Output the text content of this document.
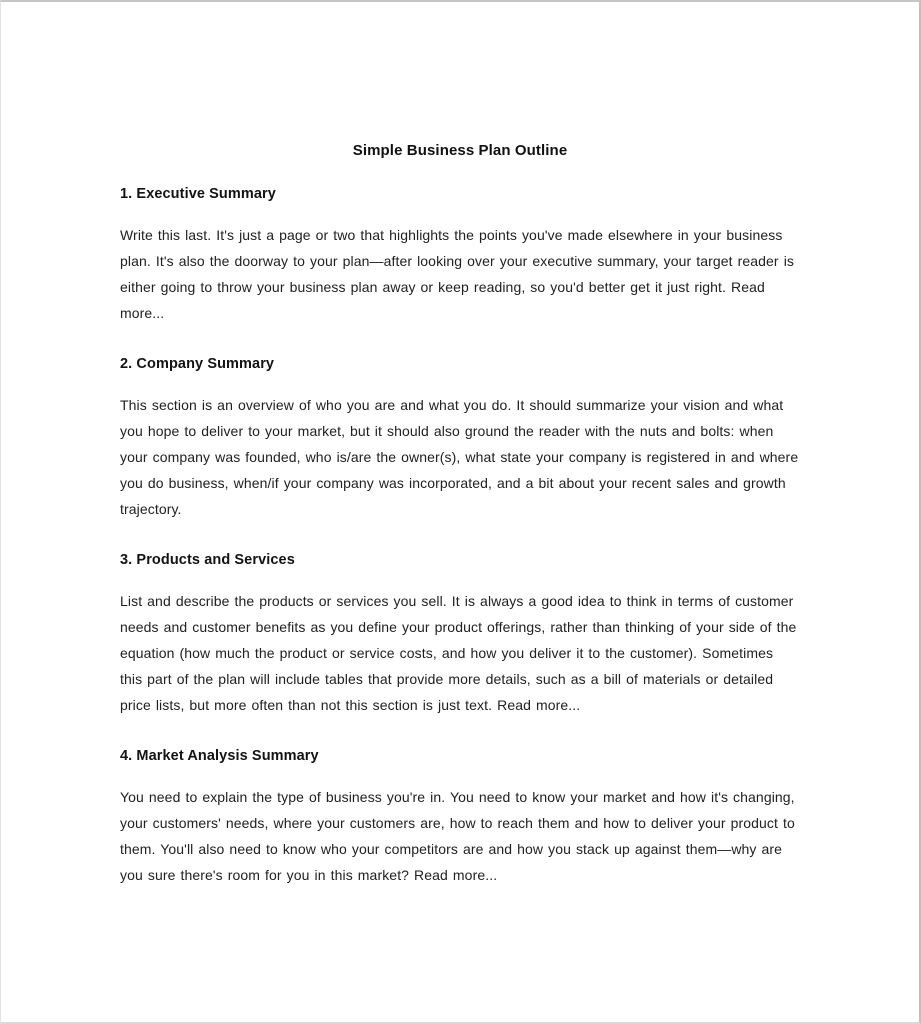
Simple Business Plan Outline
1. Executive Summary

Write this last. It's just a page or two that highlights the points you've made elsewhere in your business plan. It's also the doorway to your plan—after looking over your executive summary, your target reader is either going to throw your business plan away or keep reading, so you'd better get it just right. Read more...

2. Company Summary

This section is an overview of who you are and what you do. It should summarize your vision and what you hope to deliver to your market, but it should also ground the reader with the nuts and bolts: when your company was founded, who is/are the owner(s), what state your company is registered in and where you do business, when/if your company was incorporated, and a bit about your recent sales and growth trajectory.

3. Products and Services

List and describe the products or services you sell. It is always a good idea to think in terms of customer needs and customer benefits as you define your product offerings, rather than thinking of your side of the equation (how much the product or service costs, and how you deliver it to the customer). Sometimes this part of the plan will include tables that provide more details, such as a bill of materials or detailed price lists, but more often than not this section is just text. Read more...

4. Market Analysis Summary

You need to explain the type of business you're in. You need to know your market and how it's changing, your customers' needs, where your customers are, how to reach them and how to deliver your product to them. You'll also need to know who your competitors are and how you stack up against them—why are you sure there's room for you in this market? Read more...
